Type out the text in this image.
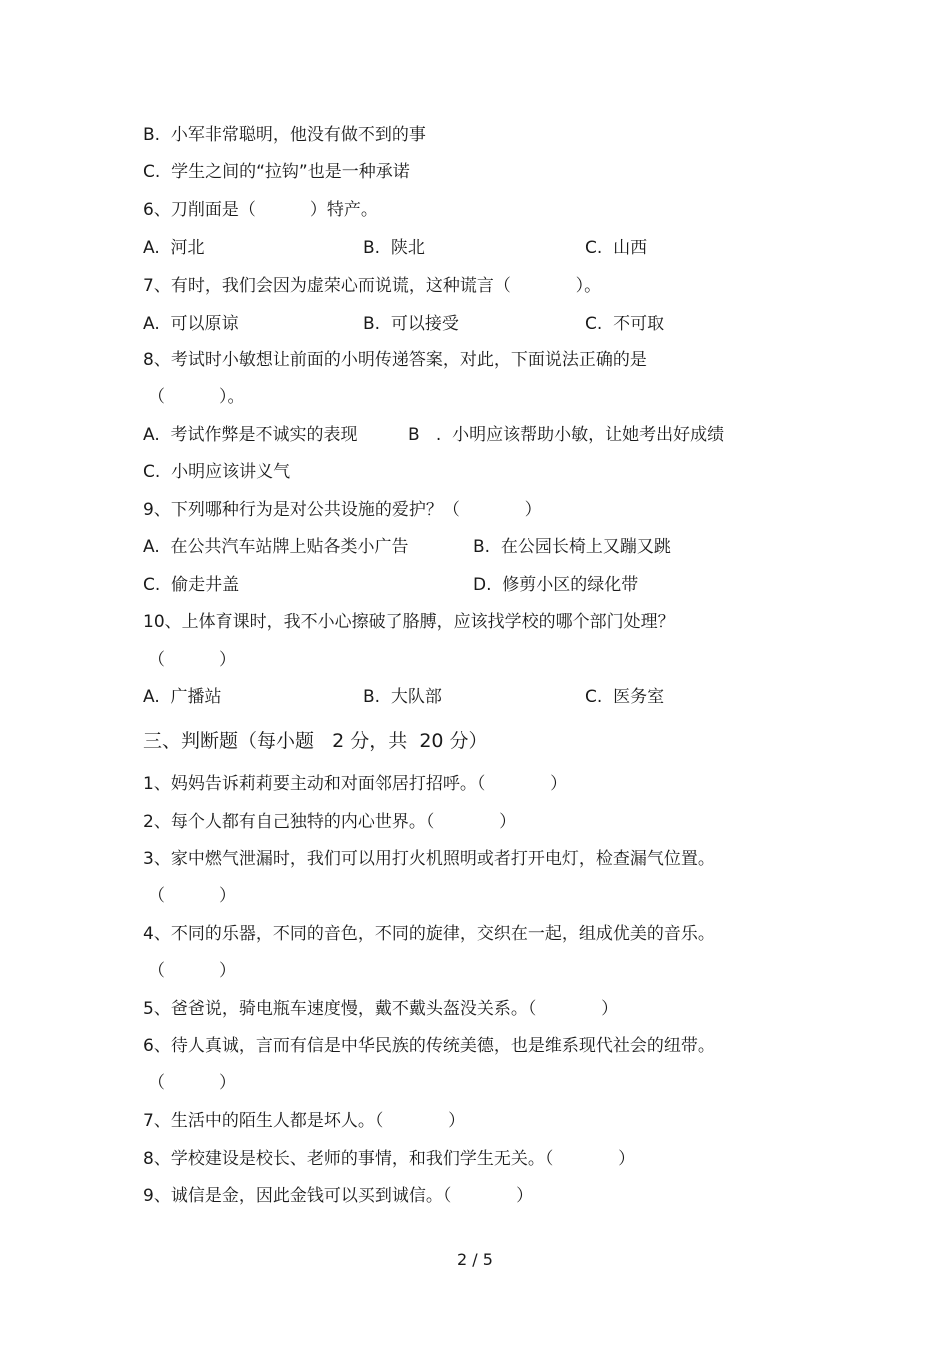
B.  小军非常聪明，他没有做不到的事
C.  学生之间的“拉钩”也是一种承诺
6、刀削面是（          ）特产。
A.  河北	B.  陕北	C.  山西
7、有时，我们会因为虚荣心而说谎，这种谎言（            ）。
A.  可以原谅	B.  可以接受	C.  不可取
8、考试时小敏想让前面的小明传递答案，对此，下面说法正确的是
（          ）。
A.  考试作弊是不诚实的表现	B   .  小明应该帮助小敏，让她考出好成绩
C.  小明应该讲义气
9、下列哪种行为是对公共设施的爱护？（            ）
A.  在公共汽车站牌上贴各类小广告	B.  在公园长椅上又蹦又跳
C.  偷走井盖	D.  修剪小区的绿化带
10、上体育课时，我不小心擦破了胳膊，应该找学校的哪个部门处理？
（          ）
A.  广播站	B.  大队部	C.  医务室
三、判断题（每小题   2 分，共  20 分）
1、妈妈告诉莉莉要主动和对面邻居打招呼。（            ）
2、每个人都有自己独特的内心世界。（            ）
3、家中燃气泄漏时，我们可以用打火机照明或者打开电灯，检查漏气位置。
（          ）
4、不同的乐器，不同的音色，不同的旋律，交织在一起，组成优美的音乐。
（          ）
5、爸爸说，骑电瓶车速度慢，戴不戴头盔没关系。（            ）
6、待人真诚，言而有信是中华民族的传统美德，也是维系现代社会的纽带。
（          ）
7、生活中的陌生人都是坏人。（            ）
8、学校建设是校长、老师的事情，和我们学生无关。（            ）
9、诚信是金，因此金钱可以买到诚信。（            ）
2 / 5
